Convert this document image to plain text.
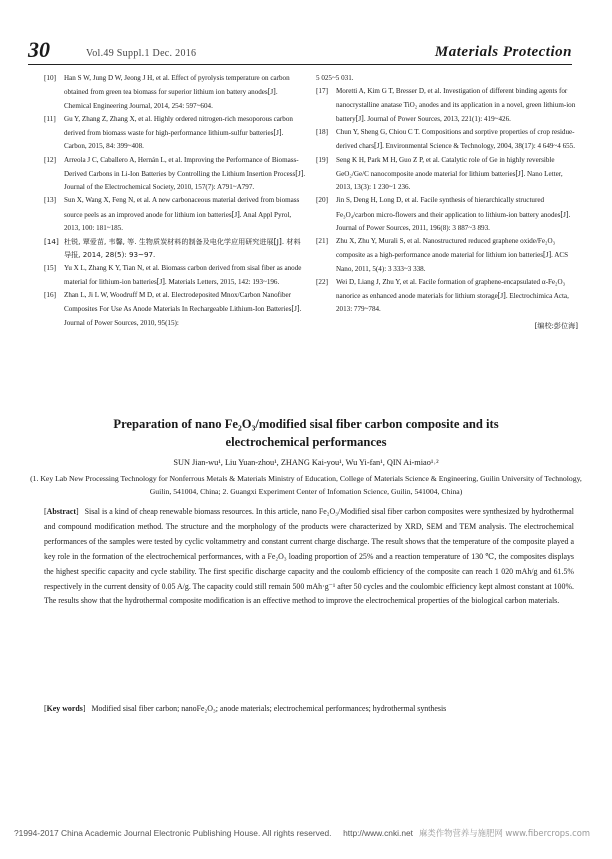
30	Vol.49 Suppl.1 Dec. 2016	Materials Protection

[ 10 ]	Han S W, Jung D W, Jeong J H, et al. Effect of pyrolysis temperature on carbon obtained from green tea biomass for superior lithium ion battery anodes [ J ] . Chemical Engineering Journal, 2014, 254: 597~604.

[ 11 ]	Gu Y, Zhang Z, Zhang X, et al. Highly ordered nitrogen-rich mesoporous carbon derived from biomass waste for high-performance lithium-sulfur batteries [ J ] . Carbon, 2015, 84: 399~408.

[ 12 ]	Arreola J C, Caballero A, Hernán L, et al. Improving the Performance of Biomass-Derived Carbons in Li-Ion Batteries by Controlling the Lithium Insertion Process [ J ] . Journal of the Electrochemical Society, 2010, 157(7): A791~A797.

[ 13 ]	Sun X, Wang X, Feng N, et al. A new carbonaceous material derived from biomass source peels as an improved anode for lithium ion batteries [ J ] . Anal Appl Pyrol, 2013, 100: 181~185.

[ 14 ]	杜锐, 覃爱苗, 韦馨, 等. 生物质炭材料的制备及电化学应用研究进展 [ J ] . 材料导报, 2014, 28(5): 93~97.

[ 15 ]	Yu X L, Zhang K Y, Tian N, et al. Biomass carbon derived from sisal fiber as anode material for lithium-ion batteries [ J ] . Materials Letters, 2015, 142: 193~196.

[ 16 ]	Zhan L, Ji L W, Woodruff M D, et al. Electrodeposited Mnox/Carbon Nanofiber Composites For Use As Anode Materials In Rechargeable Lithium-Ion Batteries [ J ] . Journal of Power Sources, 2010, 95(15):

5 025~5 031.

[ 17 ]	Moretti A, Kim G T, Bresser D, et al. Investigation of different binding agents for nanocrystalline anatase TiO₂ anodes and its application in a novel, green lithium-ion battery [ J ] . Journal of Power Sources, 2013, 221(1): 419~426.

[ 18 ]	Chun Y, Sheng G, Chiou C T. Compositions and sorptive properties of crop residue-derived chars [ J ] . Environmental Science & Technology, 2004, 38(17): 4 649~4 655.

[ 19 ]	Seng K H, Park M H, Guo Z P, et al. Catalytic role of Ge in highly reversible GeO₂/Ge/C nanocomposite anode material for lithium batteries [ J ] . Nano Letter, 2013, 13(3): 1 230~1 236.

[ 20 ]	Jin S, Deng H, Long D, et al. Facile synthesis of hierarchically structured Fe₃O₄/carbon micro-flowers and their application to lithium-ion battery anodes [ J ] . Journal of Power Sources, 2011, 196(8): 3 887~3 893.

[ 21 ]	Zhu X, Zhu Y, Murali S, et al. Nanostructured reduced graphene oxide/Fe₂O₃ composite as a high-performance anode material for lithium ion batteries [ J ] . ACS Nano, 2011, 5(4): 3 333~3 338.

[ 22 ]	Wei D, Liang J, Zhu Y, et al. Facile formation of graphene-encapsulated α-Fe₂O₃ nanorice as enhanced anode materials for lithium storage [ J ] . Electrochimica Acta, 2013: 779~784.

[ 编校:彭位海 ]

Preparation of nano Fe₂O₃/modified sisal fiber carbon composite and its electrochemical performances
SUN Jian-wu¹, Liu Yuan-zhou¹, ZHANG Kai-you¹, Wu Yi-fan¹, QIN Ai-miao¹˒²
(1. Key Lab New Processing Technology for Nonferrous Metals & Materials Ministry of Education, College of Materials Science & Engineering, Guilin University of Technology, Guilin, 541004, China; 2. Guangxi Experiment Center of Infomation Science, Guilin, 541004, China)
[ Abstract ] Sisal is a kind of cheap renewable biomass resources. In this article, nano Fe₂O₃/Modified sisal fiber carbon composites were synthesized by hydrothermal and compound modification method. The structure and the morphology of the products were characterized by XRD, SEM and TEM analysis. The electrochemical performances of the samples were tested by cyclic voltammetry and constant current charge discharge. The result shows that the temperature of the composite played a key role in the formation of the electrochemical performances, with a Fe₂O₃ loading proportion of 25% and a reaction temperature of 130 ℃, the composites displays the highest specific capacity and cycle stability. The first specific discharge capacity and the coulomb efficiency of the composite can reach 1 020 mAh/g and 61.5% respectively in the current density of 0.05 A/g. The capacity could still remain 500 mAh·g⁻¹ after 50 cycles and the coulombic efficiency kept almost constant at 100%. The results show that the hydrothermal composite modification is an effective method to improve the electrochemical properties of the biological carbon materials.
[ Key words ] Modified sisal fiber carbon; nanoFe₂O₃; anode materials; electrochemical performances; hydrothermal synthesis
?1994-2017 China Academic Journal Electronic Publishing House. All rights reserved. http://www.cnki.net 麻类作物营养与施肥网 www.fibercrops.com
